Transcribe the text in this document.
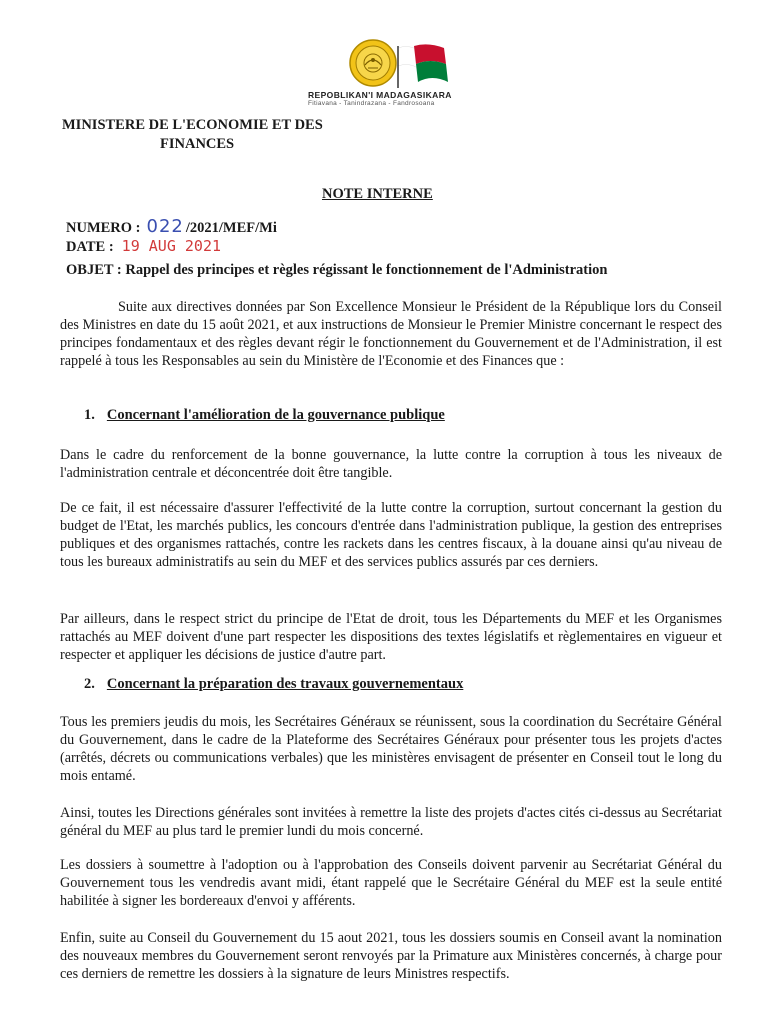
REPOBLIKAN'I MADAGASIKARA
Fitiavana - Tanindrazana - Fandrosoana
MINISTERE DE L'ECONOMIE ET DES
FINANCES
NOTE INTERNE
NUMERO : 022 /2021/MEF/Mi
DATE : 19 AUG 2021
OBJET : Rappel des principes et règles régissant le fonctionnement de l'Administration

Suite aux directives données par Son Excellence Monsieur le Président de la République lors du Conseil des Ministres en date du 15 août 2021, et aux instructions de Monsieur le Premier Ministre concernant le respect des principes fondamentaux et des règles devant régir le fonctionnement du Gouvernement et de l'Administration, il est rappelé à tous les Responsables au sein du Ministère de l'Economie et des Finances que :

1. Concernant l'amélioration de la gouvernance publique

Dans le cadre du renforcement de la bonne gouvernance, la lutte contre la corruption à tous les niveaux de l'administration centrale et déconcentrée doit être tangible.

De ce fait, il est nécessaire d'assurer l'effectivité de la lutte contre la corruption, surtout concernant la gestion du budget de l'Etat, les marchés publics, les concours d'entrée dans l'administration publique, la gestion des entreprises publiques et des organismes rattachés, contre les rackets dans les centres fiscaux, à la douane ainsi qu'au niveau de tous les bureaux administratifs au sein du MEF et des services publics assurés par ces derniers.

Par ailleurs, dans le respect strict du principe de l'Etat de droit, tous les Départements du MEF et les Organismes rattachés au MEF doivent d'une part respecter les dispositions des textes législatifs et règlementaires en vigueur et respecter et appliquer les décisions de justice d'autre part.

2. Concernant la préparation des travaux gouvernementaux

Tous les premiers jeudis du mois, les Secrétaires Généraux se réunissent, sous la coordination du Secrétaire Général du Gouvernement, dans le cadre de la Plateforme des Secrétaires Généraux pour présenter tous les projets d'actes (arrêtés, décrets ou communications verbales) que les ministères envisagent de présenter en Conseil tout le long du mois entamé.

Ainsi, toutes les Directions générales sont invitées à remettre la liste des projets d'actes cités ci-dessus au Secrétariat général du MEF au plus tard le premier lundi du mois concerné.

Les dossiers à soumettre à l'adoption ou à l'approbation des Conseils doivent parvenir au Secrétariat Général du Gouvernement tous les vendredis avant midi, étant rappelé que le Secrétaire Général du MEF est la seule entité habilitée à signer les bordereaux d'envoi y afférents.

Enfin, suite au Conseil du Gouvernement du 15 aout 2021, tous les dossiers soumis en Conseil avant la nomination des nouveaux membres du Gouvernement seront renvoyés par la Primature aux Ministères concernés, à charge pour ces derniers de remettre les dossiers à la signature de leurs Ministres respectifs.
